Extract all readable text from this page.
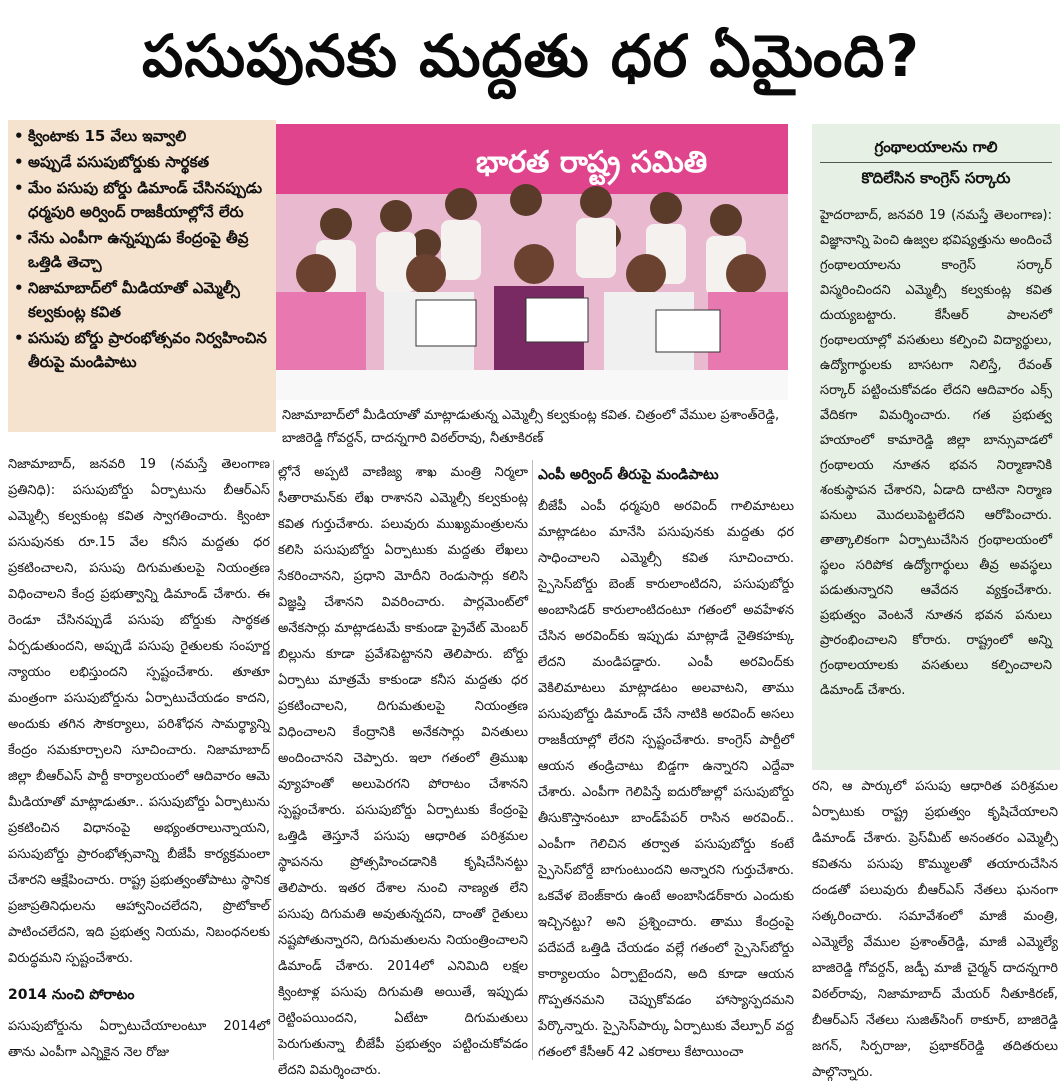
పసుపునకు మద్దతు ధర ఏమైంది?
• క్వింటాకు 15 వేలు ఇవ్వాలి
• అప్పుడే పసుపుబోర్డుకు సార్థకత
• మేం పసుపు బోర్డు డిమాండ్ చేసినప్పుడు ధర్మపురి అర్వింద్ రాజకీయాల్లోనే లేరు
• నేను ఎంపీగా ఉన్నప్పుడు కేంద్రంపై తీవ్ర ఒత్తిడి తెచ్చా
• నిజామాబాద్‌లో మీడియాతో ఎమ్మెల్సీ కల్వకుంట్ల కవిత
• పసుపు బోర్డు ప్రారంభోత్సవం నిర్వహించిన తీరుపై మండిపాటు
భారత రాష్ట్ర సమితి
నిజామాబాద్‌లో మీడియాతో మాట్లాడుతున్న ఎమ్మెల్సీ కల్వకుంట్ల కవిత. చిత్రంలో వేముల ప్రశాంత్‌రెడ్డి, బాజిరెడ్డి గోవర్దన్, దాదన్నగారి విఠల్‌రావు, నీతూకిరణ్
గ్రంథాలయాలను గాలి
కొదిలేసిన కాంగ్రెస్ సర్కారు
హైదరాబాద్, జనవరి 19 (నమస్తే తెలంగాణ): విజ్ఞానాన్ని పెంచి ఉజ్వల భవిష్యత్తును అందించే గ్రంథాలయాలను కాంగ్రెస్ సర్కార్ విస్మరించిందని ఎమ్మెల్సీ కల్వకుంట్ల కవిత దుయ్యబట్టారు. కేసీఆర్ పాలనలో గ్రంథాలయాల్లో వసతులు కల్పించి విద్యార్థులు, ఉద్యోగార్థులకు బాసటగా నిలిస్తే, రేవంత్ సర్కార్ పట్టించుకోవడం లేదని ఆదివారం ఎక్స్ వేదికగా విమర్శించారు. గత ప్రభుత్వ హయాంలో కామారెడ్డి జిల్లా బాన్సువాడలో గ్రంథాలయ నూతన భవన నిర్మాణానికి శంకుస్థాపన చేశారని, ఏడాది దాటినా నిర్మాణ పనులు మొదలుపెట్టలేదని ఆరోపించారు. తాత్కాలికంగా ఏర్పాటుచేసిన గ్రంథాలయంలో స్థలం సరిపోక ఉద్యోగార్థులు తీవ్ర అవస్థలు పడుతున్నారని ఆవేదన వ్యక్తంచేశారు. ప్రభుత్వం వెంటనే నూతన భవన పనులు ప్రారంభించాలని కోరారు. రాష్ట్రంలో అన్ని గ్రంథాలయాలకు వసతులు కల్పించాలని డిమాండ్ చేశారు.

నిజామాబాద్, జనవరి 19 (నమస్తే తెలంగాణ ప్రతినిధి): పసుపుబోర్డు ఏర్పాటును బీఆర్‌ఎస్ ఎమ్మెల్సీ కల్వకుంట్ల కవిత స్వాగతించారు. క్వింటా పసుపునకు రూ.15 వేల కనీస మద్దతు ధర ప్రకటించాలని, పసుపు దిగుమతులపై నియంత్రణ విధించాలని కేంద్ర ప్రభుత్వాన్ని డిమాండ్ చేశారు. ఈ రెండూ చేసినప్పుడే పసుపు బోర్డుకు సార్థకత ఏర్పడుతుందని, అప్పుడే పసుపు రైతులకు సంపూర్ణ న్యాయం లభిస్తుందని స్పష్టంచేశారు. తూతూ మంత్రంగా పసుపుబోర్డును ఏర్పాటుచేయడం కాదని, అందుకు తగిన సౌకర్యాలు, పరిశోధన సామర్థ్యాన్ని కేంద్రం సమకూర్చాలని సూచించారు. నిజామాబాద్ జిల్లా బీఆర్‌ఎస్ పార్టీ కార్యాలయంలో ఆదివారం ఆమె మీడియాతో మాట్లాడుతూ.. పసుపుబోర్డు ఏర్పాటును ప్రకటించిన విధానంపై అభ్యంతరాలున్నాయని, పసుపుబోర్డు ప్రారంభోత్సవాన్ని బీజేపీ కార్యక్రమంలా చేశారని ఆక్షేపించారు. రాష్ట్ర ప్రభుత్వంతోపాటు స్థానిక ప్రజాప్రతినిధులను ఆహ్వానించలేదని, ప్రొటోకాల్ పాటించలేదని, ఇది ప్రభుత్వ నియమ, నిబంధనలకు విరుద్ధమని స్పష్టంచేశారు.

2014 నుంచి పోరాటం

పసుపుబోర్డును ఏర్పాటుచేయాలంటూ 2014లో తాను ఎంపీగా ఎన్నికైన నెల రోజు

ల్లోనే అప్పటి వాణిజ్య శాఖ మంత్రి నిర్మలా సీతారామన్‌కు లేఖ రాశానని ఎమ్మెల్సీ కల్వకుంట్ల కవిత గుర్తుచేశారు. పలువురు ముఖ్యమంత్రులను కలిసి పసుపుబోర్డు ఏర్పాటుకు మద్దతు లేఖలు సేకరించానని, ప్రధాని మోదీని రెండుసార్లు కలిసి విజ్ఞప్తి చేశానని వివరించారు. పార్లమెంట్‌లో అనేకసార్లు మాట్లాడటమే కాకుండా ప్రైవేట్ మెంబర్ బిల్లును కూడా ప్రవేశపెట్టానని తెలిపారు. బోర్డు ఏర్పాటు మాత్రమే కాకుండా కనీస మద్దతు ధర ప్రకటించాలని, దిగుమతులపై నియంత్రణ విధించాలని కేంద్రానికి అనేకసార్లు వినతులు అందించానని చెప్పారు. ఇలా గతంలో త్రిముఖ వ్యూహంతో అలుపెరగని పోరాటం చేశానని స్పష్టంచేశారు. పసుపుబోర్డు ఏర్పాటుకు కేంద్రంపై ఒత్తిడి తెస్తూనే పసుపు ఆధారిత పరిశ్రమల స్థాపనను ప్రోత్సహించడానికి కృషిచేసినట్టు తెలిపారు. ఇతర దేశాల నుంచి నాణ్యత లేని పసుపు దిగుమతి అవుతున్నదని, దాంతో రైతులు నష్టపోతున్నారని, దిగుమతులను నియంత్రించాలని డిమాండ్ చేశారు. 2014లో ఎనిమిది లక్షల క్వింటాళ్ల పసుపు దిగుమతి అయితే, ఇప్పుడు రెట్టింపయిందని, ఏటేటా దిగుమతులు పెరుగుతున్నా బీజేపీ ప్రభుత్వం పట్టించుకోవడం లేదని విమర్శించారు.

ఎంపీ అర్వింద్ తీరుపై మండిపాటు

బీజేపీ ఎంపీ ధర్మపురి అరవింద్ గాలిమాటలు మాట్లాడటం మానేసి పసుపునకు మద్దతు ధర సాధించాలని ఎమ్మెల్సీ కవిత సూచించారు. స్పైసెస్‌బోర్డు బెంజ్ కారులాంటిదని, పసుపుబోర్డు అంబాసిడర్ కారులాంటిదంటూ గతంలో అవహేళన చేసిన అరవింద్‌కు ఇప్పుడు మాట్లాడే నైతికహక్కు లేదని మండిపడ్డారు. ఎంపీ అరవింద్‌కు వెకిలిమాటలు మాట్లాడటం అలవాటని, తాము పసుపుబోర్డు డిమాండ్ చేసే నాటికి అరవింద్ అసలు రాజకీయాల్లో లేరని స్పష్టంచేశారు. కాంగ్రెస్ పార్టీలో ఆయన తండ్రిచాటు బిడ్డగా ఉన్నారని ఎద్దేవా చేశారు. ఎంపీగా గెలిపిస్తే ఐదురోజుల్లో పసుపుబోర్డు తీసుకొస్తానంటూ బాండ్‌పేపర్ రాసిన అరవింద్.. ఎంపీగా గెలిచిన తర్వాత పసుపుబోర్డు కంటే స్పైసెస్‌బోర్డే బాగుంటుందని అన్నారని గుర్తుచేశారు. ఒకవేళ బెంజ్‌కారు ఉంటే అంబాసిడర్‌కారు ఎందుకు ఇచ్చినట్టు? అని ప్రశ్నించారు. తాము కేంద్రంపై పదేపదే ఒత్తిడి చేయడం వల్లే గతంలో స్పైసెస్‌బోర్డు కార్యాలయం ఏర్పాటైందని, అది కూడా ఆయన గొప్పతనమని చెప్పుకోవడం హాస్యాస్పదమని పేర్కొన్నారు. స్పైసెస్‌పార్కు ఏర్పాటుకు వేల్పూర్ వద్ద గతంలో కేసీఆర్ 42 ఎకరాలు కేటాయించా

రని, ఆ పార్కులో పసుపు ఆధారిత పరిశ్రమల ఏర్పాటుకు రాష్ట్ర ప్రభుత్వం కృషిచేయాలని డిమాండ్ చేశారు. ప్రెస్‌మీట్ అనంతరం ఎమ్మెల్సీ కవితను పసుపు కొమ్ములతో తయారుచేసిన దండతో పలువురు బీఆర్‌ఎస్ నేతలు ఘనంగా సత్కరించారు. సమావేశంలో మాజీ మంత్రి, ఎమ్మెల్యే వేముల ప్రశాంత్‌రెడ్డి, మాజీ ఎమ్మెల్యే బాజిరెడ్డి గోవర్దన్, జడ్పీ మాజీ చైర్మన్ దాదన్నగారి విఠల్‌రావు, నిజామాబాద్ మేయర్ నీతూకిరణ్, బీఆర్‌ఎస్ నేతలు సుజిత్‌సింగ్ ఠాకూర్, బాజిరెడ్డి జగన్, సిర్పరాజు, ప్రభాకర్‌రెడ్డి తదితరులు పాల్గొన్నారు.
